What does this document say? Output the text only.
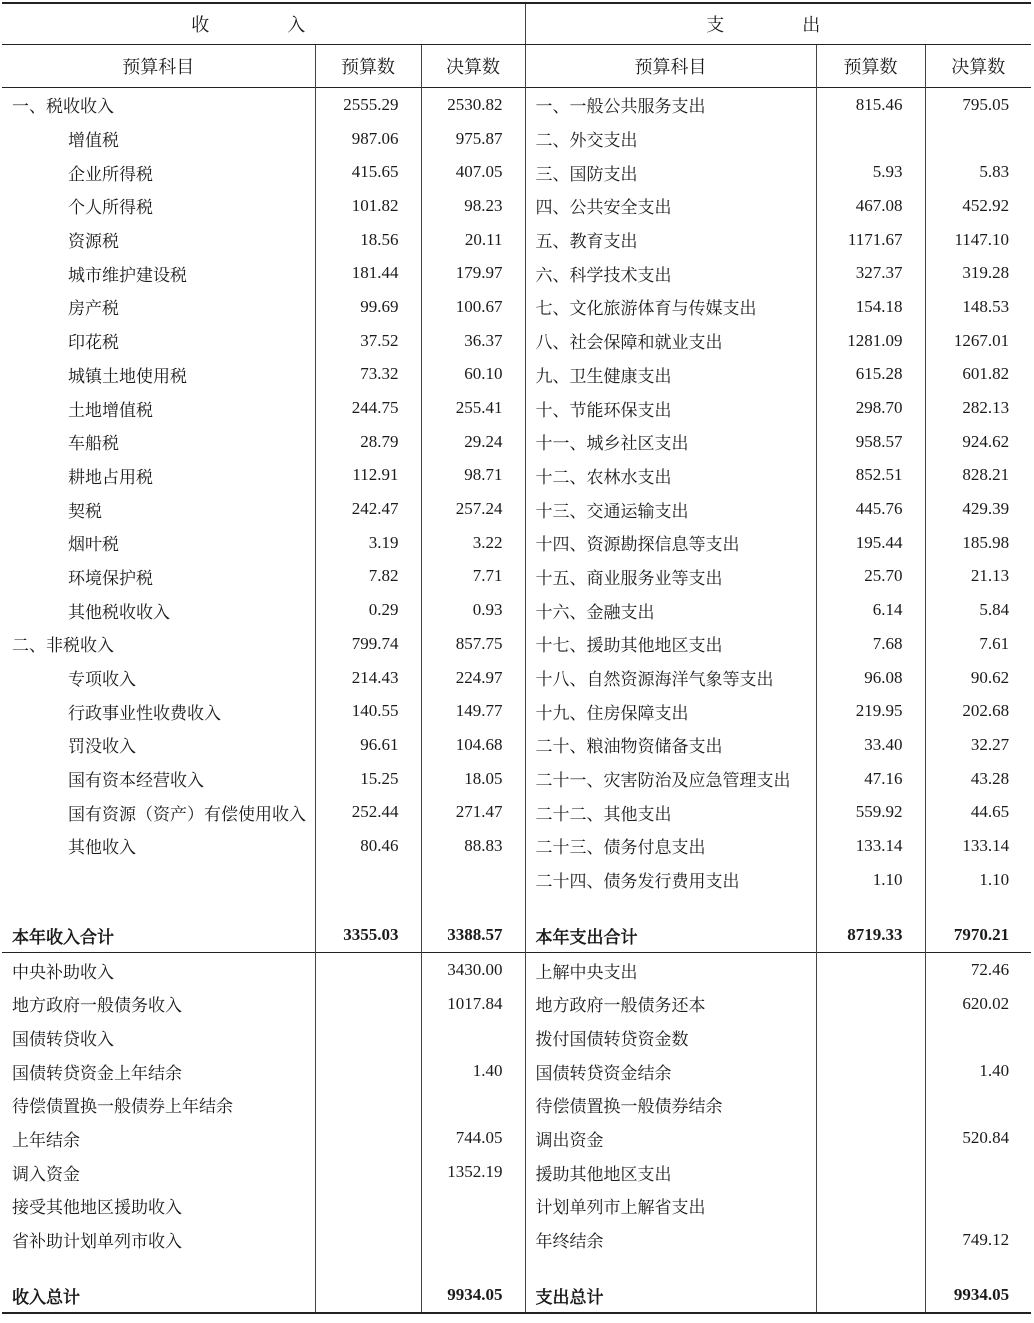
收　入			支　出		
预算科目	预算数	决算数	预算科目	预算数	决算数
一、税收收入	2555.29	2530.82	一、一般公共服务支出	815.46	795.05
增值税	987.06	975.87	二、外交支出		
企业所得税	415.65	407.05	三、国防支出	5.93	5.83
个人所得税	101.82	98.23	四、公共安全支出	467.08	452.92
资源税	18.56	20.11	五、教育支出	1171.67	1147.10
城市维护建设税	181.44	179.97	六、科学技术支出	327.37	319.28
房产税	99.69	100.67	七、文化旅游体育与传媒支出	154.18	148.53
印花税	37.52	36.37	八、社会保障和就业支出	1281.09	1267.01
城镇土地使用税	73.32	60.10	九、卫生健康支出	615.28	601.82
土地增值税	244.75	255.41	十、节能环保支出	298.70	282.13
车船税	28.79	29.24	十一、城乡社区支出	958.57	924.62
耕地占用税	112.91	98.71	十二、农林水支出	852.51	828.21
契税	242.47	257.24	十三、交通运输支出	445.76	429.39
烟叶税	3.19	3.22	十四、资源勘探信息等支出	195.44	185.98
环境保护税	7.82	7.71	十五、商业服务业等支出	25.70	21.13
其他税收收入	0.29	0.93	十六、金融支出	6.14	5.84
二、非税收入	799.74	857.75	十七、援助其他地区支出	7.68	7.61
专项收入	214.43	224.97	十八、自然资源海洋气象等支出	96.08	90.62
行政事业性收费收入	140.55	149.77	十九、住房保障支出	219.95	202.68
罚没收入	96.61	104.68	二十、粮油物资储备支出	33.40	32.27
国有资本经营收入	15.25	18.05	二十一、灾害防治及应急管理支出	47.16	43.28
国有资源（资产）有偿使用收入	252.44	271.47	二十二、其他支出	559.92	44.65
其他收入	80.46	88.83	二十三、债务付息支出	133.14	133.14
			二十四、债务发行费用支出	1.10	1.10

本年收入合计	3355.03	3388.57	本年支出合计	8719.33	7970.21
中央补助收入		3430.00	上解中央支出		72.46
地方政府一般债务收入		1017.84	地方政府一般债务还本		620.02
国债转贷收入			拨付国债转贷资金数		
国债转贷资金上年结余		1.40	国债转贷资金结余		1.40
待偿债置换一般债券上年结余			待偿债置换一般债券结余		
上年结余		744.05	调出资金		520.84
调入资金		1352.19	援助其他地区支出		
接受其他地区援助收入			计划单列市上解省支出		
省补助计划单列市收入			年终结余		749.12

收入总计		9934.05	支出总计		9934.05
